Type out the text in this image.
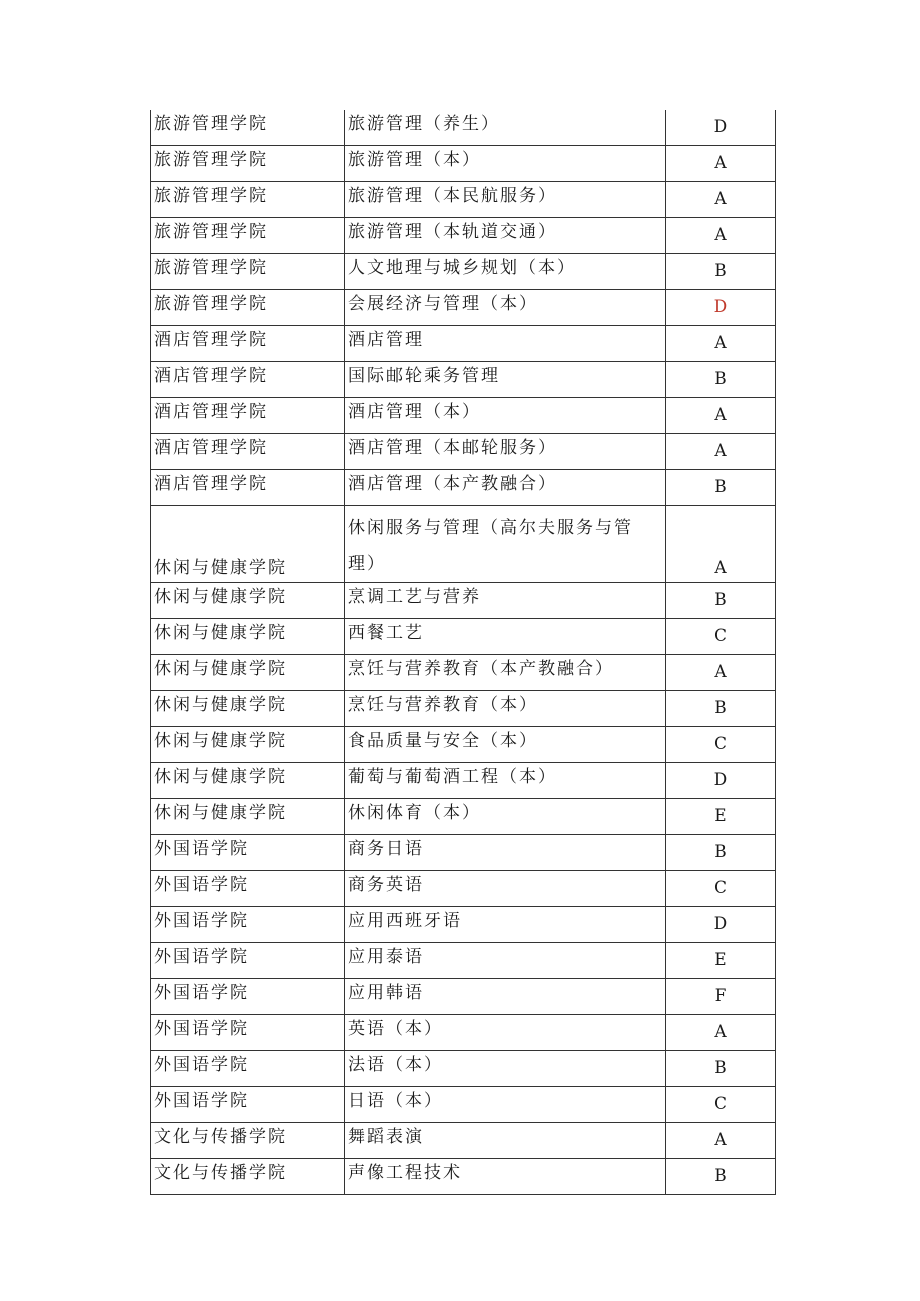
旅游管理学院	旅游管理（养生）	D
旅游管理学院	旅游管理（本）	A
旅游管理学院	旅游管理（本民航服务）	A
旅游管理学院	旅游管理（本轨道交通）	A
旅游管理学院	人文地理与城乡规划（本）	B
旅游管理学院	会展经济与管理（本）	D
酒店管理学院	酒店管理	A
酒店管理学院	国际邮轮乘务管理	B
酒店管理学院	酒店管理（本）	A
酒店管理学院	酒店管理（本邮轮服务）	A
酒店管理学院	酒店管理（本产教融合）	B
休闲与健康学院	休闲服务与管理（高尔夫服务与管理）	A
休闲与健康学院	烹调工艺与营养	B
休闲与健康学院	西餐工艺	C
休闲与健康学院	烹饪与营养教育（本产教融合）	A
休闲与健康学院	烹饪与营养教育（本）	B
休闲与健康学院	食品质量与安全（本）	C
休闲与健康学院	葡萄与葡萄酒工程（本）	D
休闲与健康学院	休闲体育（本）	E
外国语学院	商务日语	B
外国语学院	商务英语	C
外国语学院	应用西班牙语	D
外国语学院	应用泰语	E
外国语学院	应用韩语	F
外国语学院	英语（本）	A
外国语学院	法语（本）	B
外国语学院	日语（本）	C
文化与传播学院	舞蹈表演	A
文化与传播学院	声像工程技术	B
